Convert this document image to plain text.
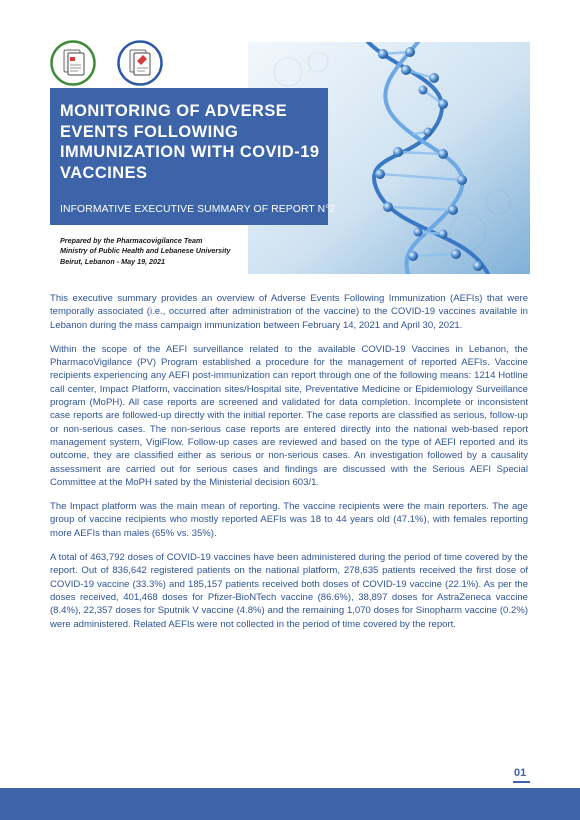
MONITORING OF ADVERSE EVENTS FOLLOWING IMMUNIZATION WITH COVID-19 VACCINES
INFORMATIVE EXECUTIVE SUMMARY OF REPORT N°2
Prepared by the Pharmacovigilance Team
Ministry of Public Health and Lebanese University
Beirut, Lebanon - May 19, 2021

This executive summary provides an overview of Adverse Events Following Immunization (AEFIs) that were temporally associated (i.e., occurred after administration of the vaccine) to the COVID-19 vaccines available in Lebanon during the mass campaign immunization between February 14, 2021 and April 30, 2021.

Within the scope of the AEFI surveillance related to the available COVID-19 Vaccines in Lebanon, the PharmacoVigilance (PV) Program established a procedure for the management of reported AEFIs. Vaccine recipients experiencing any AEFI post-immunization can report through one of the following means: 1214 Hotline call center, Impact Platform, vaccination sites/Hospital site, Preventative Medicine or Epidemiology Surveillance program (MoPH). All case reports are screened and validated for data completion. Incomplete or inconsistent case reports are followed-up directly with the initial reporter. The case reports are classified as serious, follow-up or non-serious cases. The non-serious case reports are entered directly into the national web-based report management system, VigiFlow. Follow-up cases are reviewed and based on the type of AEFI reported and its outcome, they are classified either as serious or non-serious cases. An investigation followed by a causality assessment are carried out for serious cases and findings are discussed with the Serious AEFI Special Committee at the MoPH sated by the Ministerial decision 603/1.

The Impact platform was the main mean of reporting. The vaccine recipients were the main reporters. The age group of vaccine recipients who mostly reported AEFIs was 18 to 44 years old (47.1%), with females reporting more AEFIs than males (65% vs. 35%).

A total of 463,792 doses of COVID-19 vaccines have been administered during the period of time covered by the report. Out of 836,642 registered patients on the national platform, 278,635 patients received the first dose of COVID-19 vaccine (33.3%) and 185,157 patients received both doses of COVID-19 vaccine (22.1%). As per the doses received, 401,468 doses for Pfizer-BioNTech vaccine (86.6%), 38,897 doses for AstraZeneca vaccine (8.4%), 22,357 doses for Sputnik V vaccine (4.8%) and the remaining 1,070 doses for Sinopharm vaccine (0.2%) were administered. Related AEFIs were not collected in the period of time covered by the report.

01
